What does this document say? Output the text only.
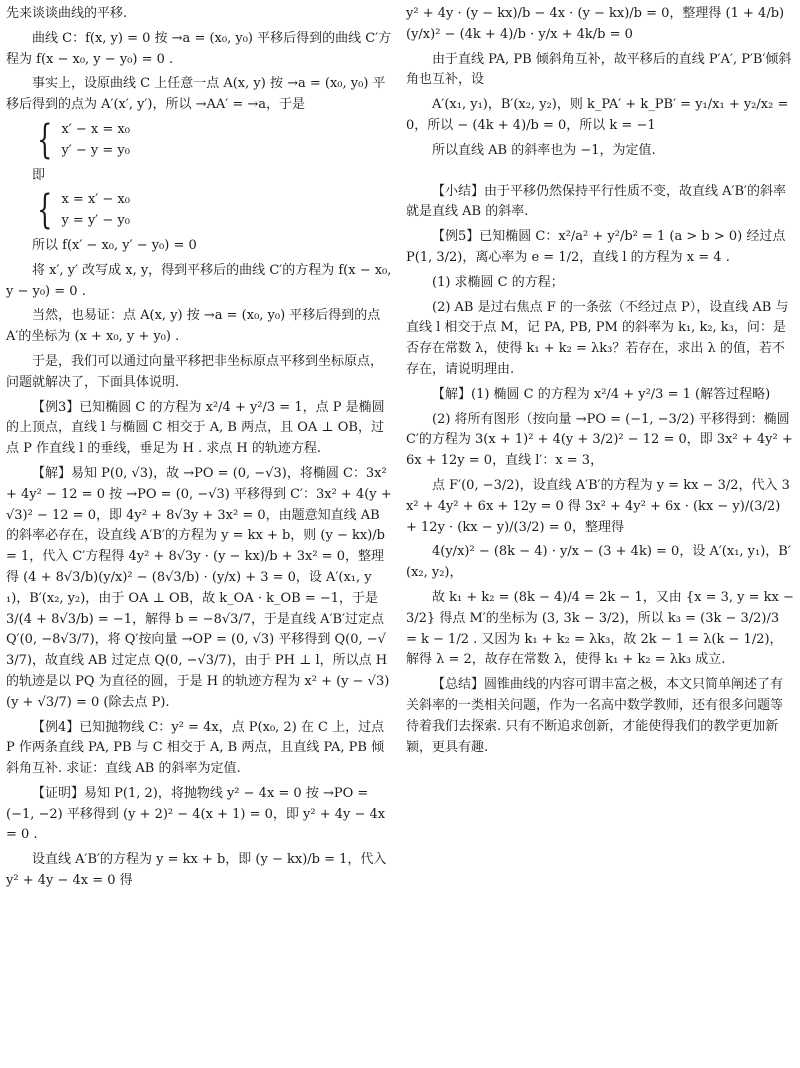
先来谈谈曲线的平移.

曲线 C：f(x, y) = 0 按 →a = (x₀, y₀) 平移后得到的曲线 C′方程为 f(x − x₀, y − y₀) = 0 .

事实上，设原曲线 C 上任意一点 A(x, y) 按 →a = (x₀, y₀) 平移后得到的点为 A′(x′, y′)，所以 →AA′ = →a，于是

{ x′ − x = x₀
y′ − y = y₀

即

{ x = x′ − x₀
y = y′ − y₀

所以 f(x′ − x₀, y′ − y₀) = 0

将 x′, y′ 改写成 x, y，得到平移后的曲线 C′的方程为 f(x − x₀, y − y₀) = 0 .

当然，也易证：点 A(x, y) 按 →a = (x₀, y₀) 平移后得到的点 A′的坐标为 (x + x₀, y + y₀) .

于是，我们可以通过向量平移把非坐标原点平移到坐标原点，问题就解决了，下面具体说明.

【例3】已知椭圆 C 的方程为 x²/4 + y²/3 = 1，点 P 是椭圆的上顶点，直线 l 与椭圆 C 相交于 A, B 两点，且 OA ⊥ OB，过点 P 作直线 l 的垂线，垂足为 H . 求点 H 的轨迹方程.

【解】易知 P(0, √3)，故 →PO = (0, −√3)，将椭圆 C：3x² + 4y² − 12 = 0 按 →PO = (0, −√3) 平移得到 C′：3x² + 4(y + √3)² − 12 = 0，即 4y² + 8√3y + 3x² = 0，由题意知直线 AB 的斜率必存在，设直线 A′B′的方程为 y = kx + b，则 (y − kx)/b = 1，代入 C′方程得 4y² + 8√3y · (y − kx)/b + 3x² = 0，整理得 (4 + 8√3/b)(y/x)² − (8√3/b) · (y/x) + 3 = 0，设 A′(x₁, y₁)，B′(x₂, y₂)，由于 OA ⊥ OB，故 k_OA · k_OB = −1，于是 3/(4 + 8√3/b) = −1，解得 b = −8√3/7，于是直线 A′B′过定点 Q′(0, −8√3/7)，将 Q′按向量 →OP = (0, √3) 平移得到 Q(0, −√3/7)，故直线 AB 过定点 Q(0, −√3/7)，由于 PH ⊥ l，所以点 H 的轨迹是以 PQ 为直径的圆，于是 H 的轨迹方程为 x² + (y − √3)(y + √3/7) = 0 (除去点 P).

【例4】已知抛物线 C：y² = 4x，点 P(x₀, 2) 在 C 上，过点 P 作两条直线 PA, PB 与 C 相交于 A, B 两点，且直线 PA, PB 倾斜角互补. 求证：直线 AB 的斜率为定值.

【证明】易知 P(1, 2)，将抛物线 y² − 4x = 0 按 →PO = (−1, −2) 平移得到 (y + 2)² − 4(x + 1) = 0，即 y² + 4y − 4x = 0 .

设直线 A′B′的方程为 y = kx + b，即 (y − kx)/b = 1，代入 y² + 4y − 4x = 0 得

y² + 4y · (y − kx)/b − 4x · (y − kx)/b = 0，整理得 (1 + 4/b)(y/x)² − (4k + 4)/b · y/x + 4k/b = 0

由于直线 PA, PB 倾斜角互补，故平移后的直线 P′A′, P′B′倾斜角也互补，设

A′(x₁, y₁)，B′(x₂, y₂)，则 k_PA′ + k_PB′ = y₁/x₁ + y₂/x₂ = 0，所以 − (4k + 4)/b = 0，所以 k = −1

所以直线 AB 的斜率也为 −1，为定值.

【小结】由于平移仍然保持平行性质不变，故直线 A′B′的斜率就是直线 AB 的斜率.

【例5】已知椭圆 C：x²/a² + y²/b² = 1 (a > b > 0) 经过点 P(1, 3/2)，离心率为 e = 1/2，直线 l 的方程为 x = 4 .

(1) 求椭圆 C 的方程；

(2) AB 是过右焦点 F 的一条弦（不经过点 P），设直线 AB 与直线 l 相交于点 M，记 PA, PB, PM 的斜率为 k₁, k₂, k₃，问：是否存在常数 λ，使得 k₁ + k₂ = λk₃？若存在，求出 λ 的值，若不存在，请说明理由.

【解】(1) 椭圆 C 的方程为 x²/4 + y²/3 = 1 (解答过程略)

(2) 将所有图形（按向量 →PO = (−1, −3/2) 平移得到：椭圆 C′的方程为 3(x + 1)² + 4(y + 3/2)² − 12 = 0，即 3x² + 4y² + 6x + 12y = 0，直线 l′：x = 3，

点 F′(0, −3/2)，设直线 A′B′的方程为 y = kx − 3/2，代入 3x² + 4y² + 6x + 12y = 0 得 3x² + 4y² + 6x · (kx − y)/(3/2) + 12y · (kx − y)/(3/2) = 0，整理得

4(y/x)² − (8k − 4) · y/x − (3 + 4k) = 0，设 A′(x₁, y₁)，B′(x₂, y₂)，

故 k₁ + k₂ = (8k − 4)/4 = 2k − 1，又由 {x = 3, y = kx − 3/2} 得点 M′的坐标为 (3, 3k − 3/2)，所以 k₃ = (3k − 3/2)/3 = k − 1/2 . 又因为 k₁ + k₂ = λk₃，故 2k − 1 = λ(k − 1/2)，解得 λ = 2，故存在常数 λ，使得 k₁ + k₂ = λk₃ 成立.

【总结】圆锥曲线的内容可谓丰富之极，本文只简单阐述了有关斜率的一类相关问题，作为一名高中数学教师，还有很多问题等待着我们去探索. 只有不断追求创新，才能使得我们的教学更加新颖，更具有趣.
